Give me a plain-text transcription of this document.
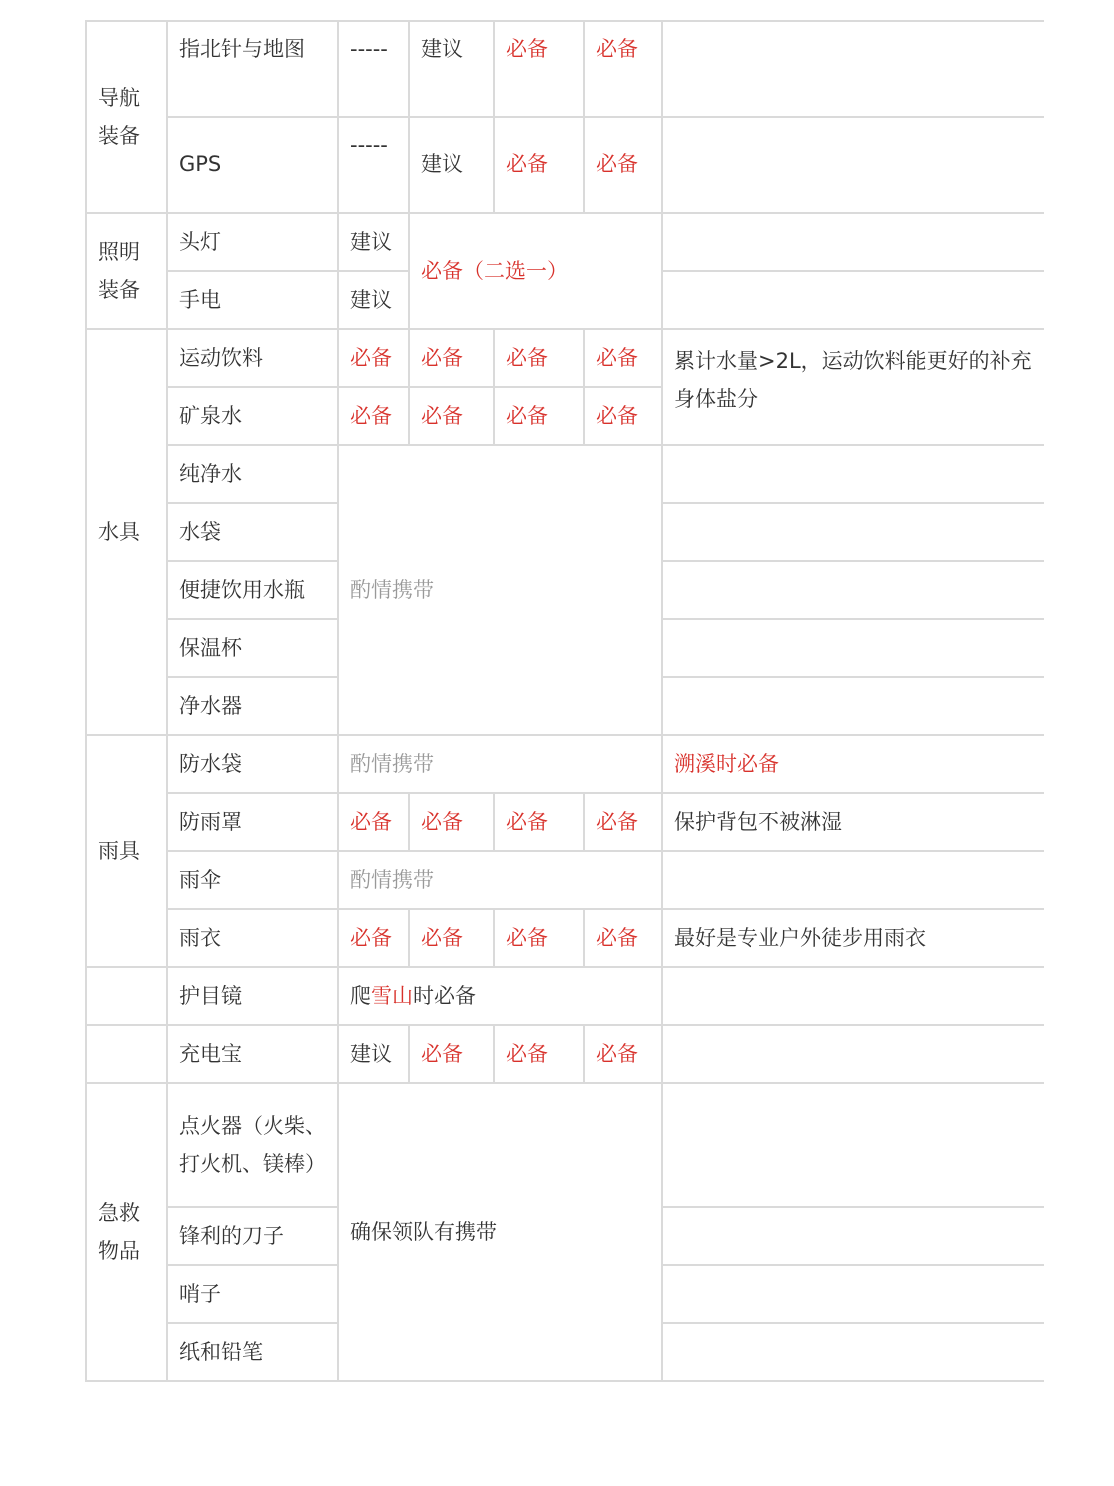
导航装备	指北针与地图	-----	建议	必备	必备	

	GPS	-----	建议	必备	必备	

照明装备	头灯	建议	必备（二选一）			
	手电	建议				
水具	运动饮料	必备	必备	必备	必备	累计水量>2L，运动饮料能更好的补充身体盐分
	矿泉水	必备	必备	必备	必备	
	纯净水	酌情携带				
	水袋					
	便捷饮用水瓶					
	保温杯					
	净水器					
雨具	防水袋	酌情携带				溯溪时必备
	防雨罩	必备	必备	必备	必备	保护背包不被淋湿
	雨伞	酌情携带				
	雨衣	必备	必备	必备	必备	最好是专业户外徒步用雨衣
	护目镜	爬雪山时必备				
	充电宝	建议	必备	必备	必备	
急救物品	点火器（火柴、打火机、镁棒）	确保领队有携带				
	锋利的刀子					
	哨子					
	纸和铅笔					
